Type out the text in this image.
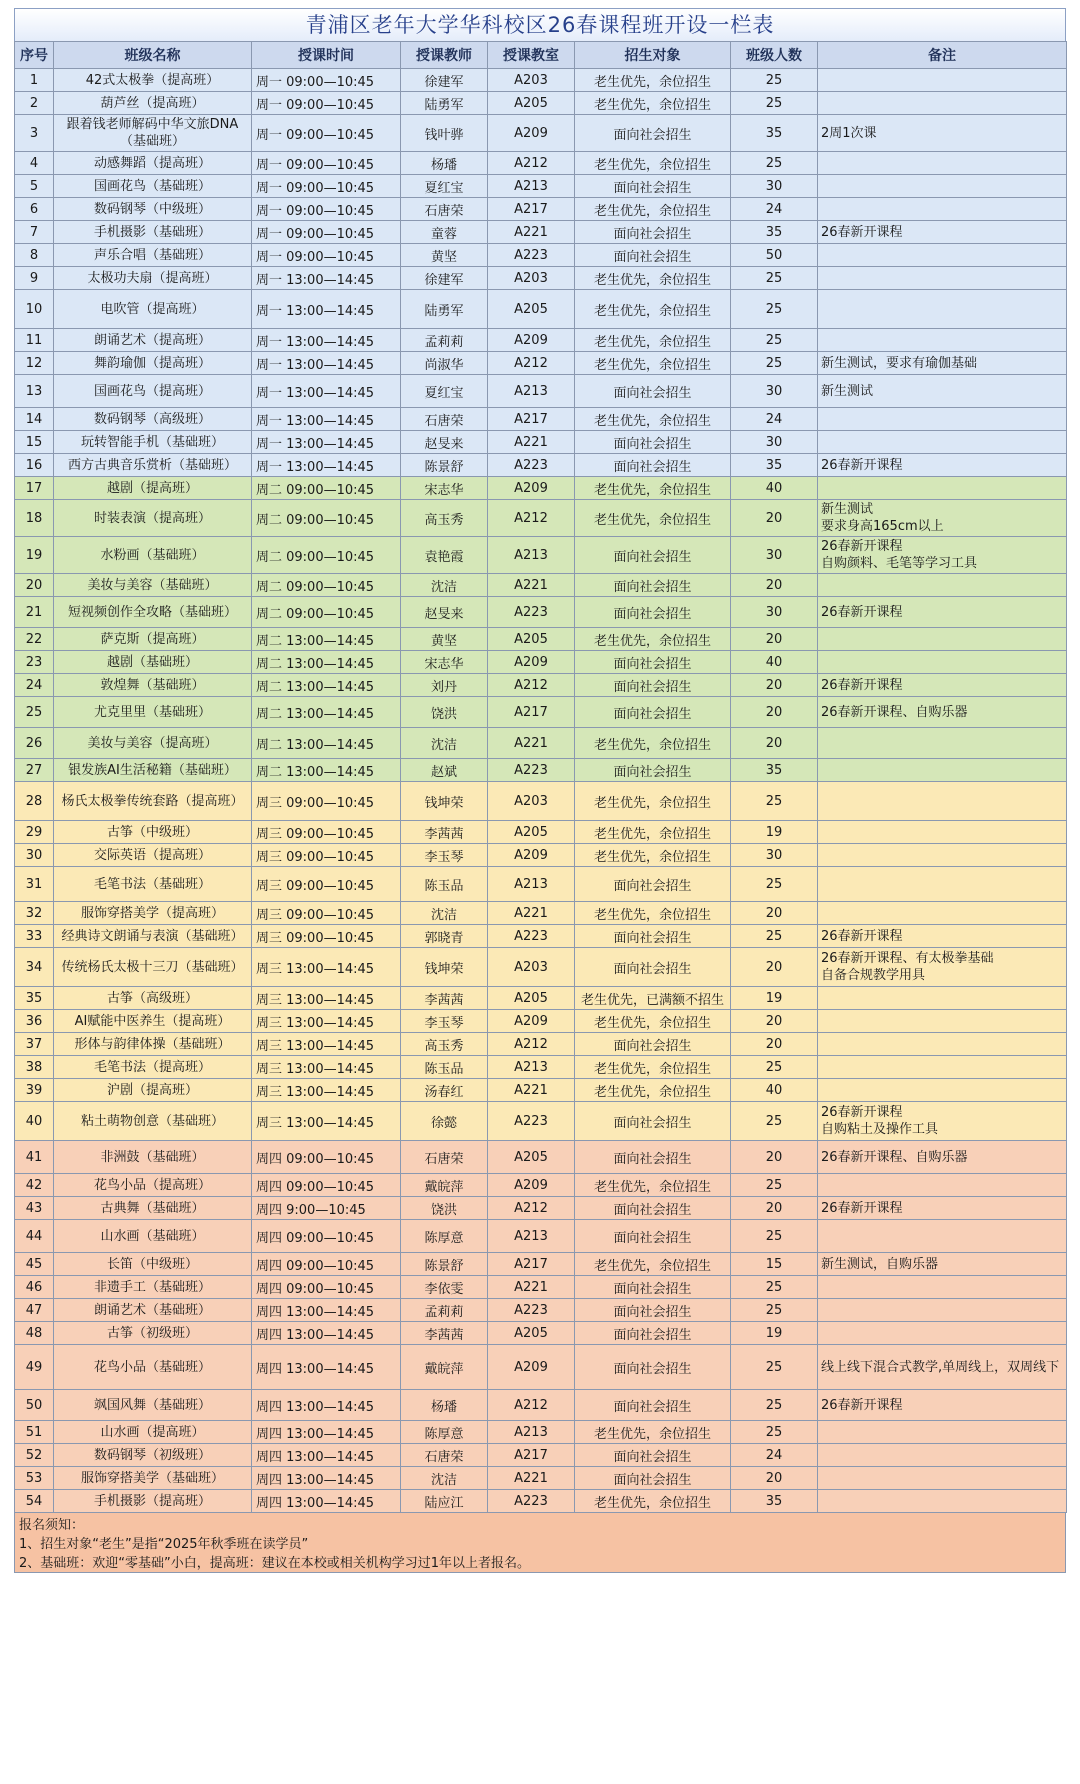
青浦区老年大学华科校区26春课程班开设一栏表
序号	班级名称	授课时间	授课教师	授课教室	招生对象	班级人数	备注
1	42式太极拳（提高班）	周一 09:00—10:45	徐建军	A203	老生优先，余位招生	25	
2	葫芦丝（提高班）	周一 09:00—10:45	陆勇军	A205	老生优先，余位招生	25	
3	跟着钱老师解码中华文旅DNA（基础班）	周一 09:00—10:45	钱叶骅	A209	面向社会招生	35	2周1次课
4	动感舞蹈（提高班）	周一 09:00—10:45	杨璠	A212	老生优先，余位招生	25	
5	国画花鸟（基础班）	周一 09:00—10:45	夏红宝	A213	面向社会招生	30	
6	数码钢琴（中级班）	周一 09:00—10:45	石唐荣	A217	老生优先，余位招生	24	
7	手机摄影（基础班）	周一 09:00—10:45	童蓉	A221	面向社会招生	35	26春新开课程
8	声乐合唱（基础班）	周一 09:00—10:45	黄坚	A223	面向社会招生	50	
9	太极功夫扇（提高班）	周一 13:00—14:45	徐建军	A203	老生优先，余位招生	25	
10	电吹管（提高班）	周一 13:00—14:45	陆勇军	A205	老生优先，余位招生	25	
11	朗诵艺术（提高班）	周一 13:00—14:45	孟莉莉	A209	老生优先，余位招生	25	
12	舞韵瑜伽（提高班）	周一 13:00—14:45	尚淑华	A212	老生优先，余位招生	25	新生测试，要求有瑜伽基础
13	国画花鸟（提高班）	周一 13:00—14:45	夏红宝	A213	面向社会招生	30	新生测试
14	数码钢琴（高级班）	周一 13:00—14:45	石唐荣	A217	老生优先，余位招生	24	
15	玩转智能手机（基础班）	周一 13:00—14:45	赵旻来	A221	面向社会招生	30	
16	西方古典音乐赏析（基础班）	周一 13:00—14:45	陈景舒	A223	面向社会招生	35	26春新开课程
17	越剧（提高班）	周二 09:00—10:45	宋志华	A209	老生优先，余位招生	40	
18	时装表演（提高班）	周二 09:00—10:45	高玉秀	A212	老生优先，余位招生	20	新生测试
要求身高165cm以上
19	水粉画（基础班）	周二 09:00—10:45	袁艳霞	A213	面向社会招生	30	26春新开课程
自购颜料、毛笔等学习工具
20	美妆与美容（基础班）	周二 09:00—10:45	沈洁	A221	面向社会招生	20	
21	短视频创作全攻略（基础班）	周二 09:00—10:45	赵旻来	A223	面向社会招生	30	26春新开课程
22	萨克斯（提高班）	周二 13:00—14:45	黄坚	A205	老生优先，余位招生	20	
23	越剧（基础班）	周二 13:00—14:45	宋志华	A209	面向社会招生	40	
24	敦煌舞（基础班）	周二 13:00—14:45	刘丹	A212	面向社会招生	20	26春新开课程
25	尤克里里（基础班）	周二 13:00—14:45	饶洪	A217	面向社会招生	20	26春新开课程、自购乐器
26	美妆与美容（提高班）	周二 13:00—14:45	沈洁	A221	老生优先，余位招生	20	
27	银发族AI生活秘籍（基础班）	周二 13:00—14:45	赵斌	A223	面向社会招生	35	
28	杨氏太极拳传统套路（提高班）	周三 09:00—10:45	钱坤荣	A203	老生优先，余位招生	25	
29	古筝（中级班）	周三 09:00—10:45	李茜茜	A205	老生优先，余位招生	19	
30	交际英语（提高班）	周三 09:00—10:45	李玉琴	A209	老生优先，余位招生	30	
31	毛笔书法（基础班）	周三 09:00—10:45	陈玉品	A213	面向社会招生	25	
32	服饰穿搭美学（提高班）	周三 09:00—10:45	沈洁	A221	老生优先，余位招生	20	
33	经典诗文朗诵与表演（基础班）	周三 09:00—10:45	郭晓青	A223	面向社会招生	25	26春新开课程
34	传统杨氏太极十三刀（基础班）	周三 13:00—14:45	钱坤荣	A203	面向社会招生	20	26春新开课程、有太极拳基础
自备合规教学用具
35	古筝（高级班）	周三 13:00—14:45	李茜茜	A205	老生优先，已满额不招生	19	
36	AI赋能中医养生（提高班）	周三 13:00—14:45	李玉琴	A209	老生优先，余位招生	20	
37	形体与韵律体操（基础班）	周三 13:00—14:45	高玉秀	A212	面向社会招生	20	
38	毛笔书法（提高班）	周三 13:00—14:45	陈玉品	A213	老生优先，余位招生	25	
39	沪剧（提高班）	周三 13:00—14:45	汤春红	A221	老生优先，余位招生	40	
40	粘土萌物创意（基础班）	周三 13:00—14:45	徐懿	A223	面向社会招生	25	26春新开课程
自购粘土及操作工具
41	非洲鼓（基础班）	周四 09:00—10:45	石唐荣	A205	面向社会招生	20	26春新开课程、自购乐器
42	花鸟小品（提高班）	周四 09:00—10:45	戴皖萍	A209	老生优先，余位招生	25	
43	古典舞（基础班）	周四 9:00—10:45	饶洪	A212	面向社会招生	20	26春新开课程
44	山水画（基础班）	周四 09:00—10:45	陈厚意	A213	面向社会招生	25	
45	长笛（中级班）	周四 09:00—10:45	陈景舒	A217	老生优先，余位招生	15	新生测试，自购乐器
46	非遗手工（基础班）	周四 09:00—10:45	李依雯	A221	面向社会招生	25	
47	朗诵艺术（基础班）	周四 13:00—14:45	孟莉莉	A223	面向社会招生	25	
48	古筝（初级班）	周四 13:00—14:45	李茜茜	A205	面向社会招生	19	
49	花鸟小品（基础班）	周四 13:00—14:45	戴皖萍	A209	面向社会招生	25	线上线下混合式教学,单周线上，双周线下
50	飒国风舞（基础班）	周四 13:00—14:45	杨璠	A212	面向社会招生	25	26春新开课程
51	山水画（提高班）	周四 13:00—14:45	陈厚意	A213	老生优先，余位招生	25	
52	数码钢琴（初级班）	周四 13:00—14:45	石唐荣	A217	面向社会招生	24	
53	服饰穿搭美学（基础班）	周四 13:00—14:45	沈洁	A221	面向社会招生	20	
54	手机摄影（提高班）	周四 13:00—14:45	陆应江	A223	老生优先，余位招生	35	
报名须知：
1、招生对象“老生”是指“2025年秋季班在读学员”
2、基础班：欢迎“零基础”小白，提高班：建议在本校或相关机构学习过1年以上者报名。
